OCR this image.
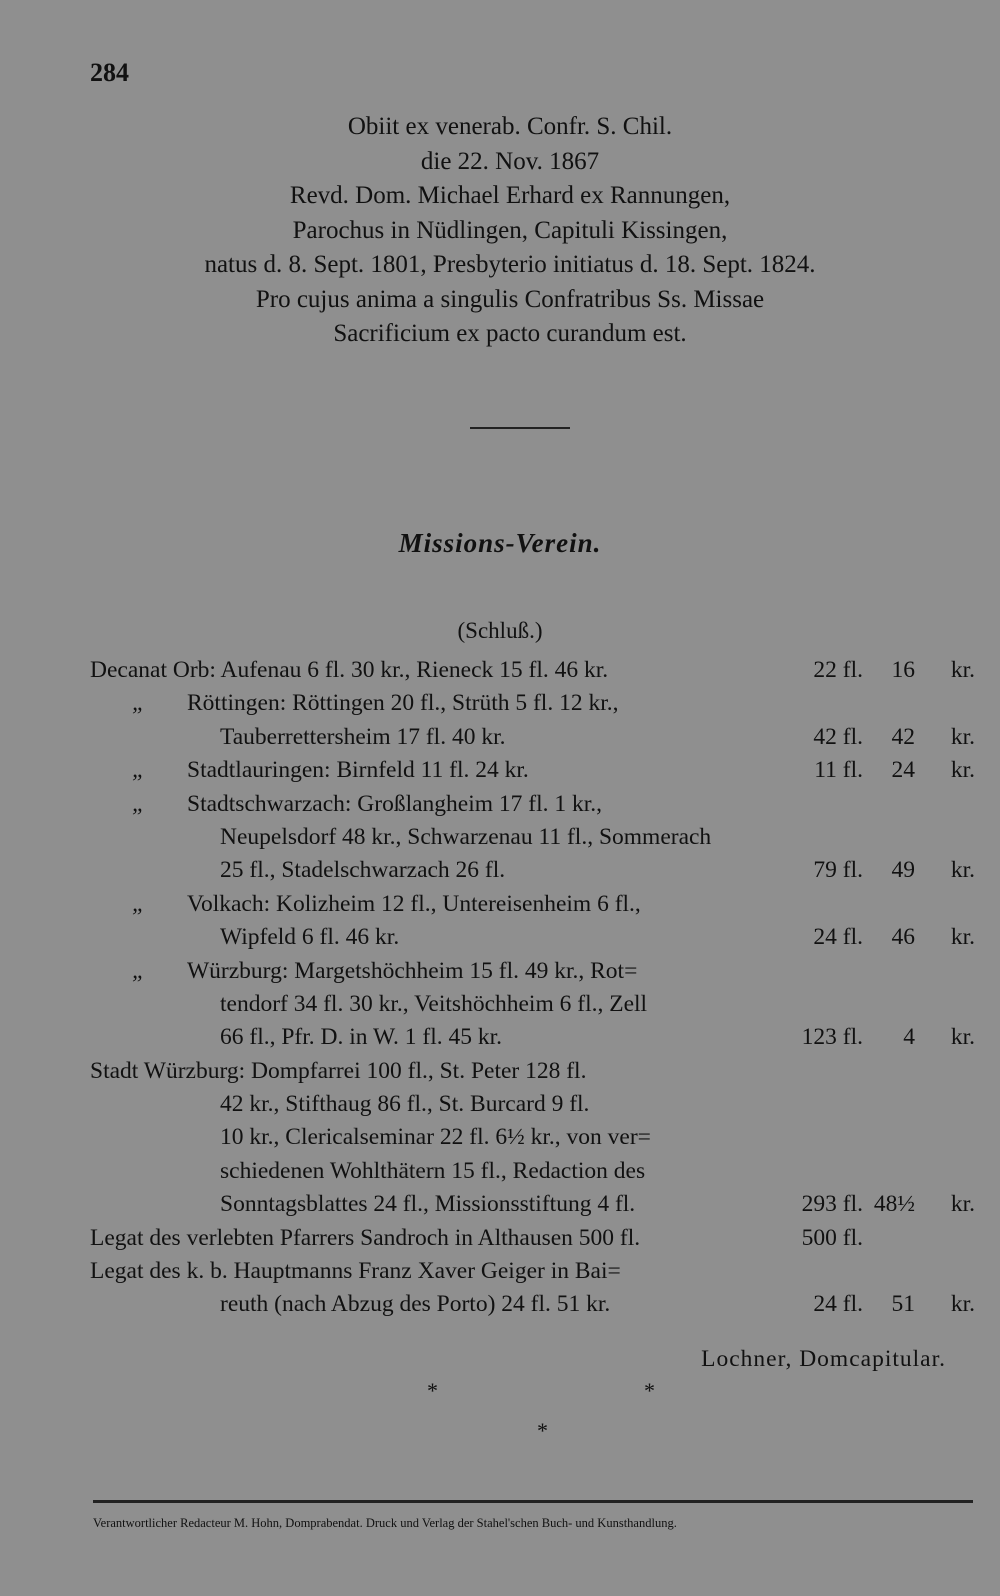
284
Obiit ex venerab. Confr. S. Chil.
die 22. Nov. 1867
Revd. Dom. Michael Erhard ex Rannungen,
Parochus in Nüdlingen, Capituli Kissingen,
natus d. 8. Sept. 1801, Presbyterio initiatus d. 18. Sept. 1824.
Pro cujus anima a singulis Confratribus Ss. Missae
Sacrificium ex pacto curandum est.
Missions-Verein.
(Schluß.)
Decanat Orb: Aufenau 6 fl. 30 kr., Rieneck 15 fl. 46 kr.	22 fl.	16 kr.
„ Röttingen: Röttingen 20 fl., Strüth 5 fl. 12 kr.,
Tauberrettersheim 17 fl. 40 kr.	42 fl.	42 kr.
„ Stadtlauringen: Birnfeld 11 fl. 24 kr.	11 fl.	24 kr.
„ Stadtschwarzach: Großlangheim 17 fl. 1 kr.,
Neupelsdorf 48 kr., Schwarzenau 11 fl., Sommerach
25 fl., Stadelschwarzach 26 fl.	79 fl.	49 kr.
„ Volkach: Kolizheim 12 fl., Untereisenheim 6 fl.,
Wipfeld 6 fl. 46 kr.	24 fl.	46 kr.
„ Würzburg: Margetshöchheim 15 fl. 49 kr., Rot=
tendorf 34 fl. 30 kr., Veitshöchheim 6 fl., Zell
66 fl., Pfr. D. in W. 1 fl. 45 kr.	123 fl.	4 kr.
Stadt Würzburg: Dompfarrei 100 fl., St. Peter 128 fl.
42 kr., Stifthaug 86 fl., St. Burcard 9 fl.
10 kr., Clericalseminar 22 fl. 6½ kr., von ver=
schiedenen Wohlthätern 15 fl., Redaction des
Sonntagsblattes 24 fl., Missionsstiftung 4 fl.	293 fl. 48½ kr.
Legat des verlebten Pfarrers Sandroch in Althausen 500 fl.	500 fl.
Legat des k. b. Hauptmanns Franz Xaver Geiger in Bai=
reuth (nach Abzug des Porto) 24 fl. 51 kr.	24 fl.	51 kr.
Lochner, Domcapitular.
*	*
*
Verantwortlicher Redacteur M. Hohn, Domprabendat. Druck und Verlag der Stahel'schen Buch- und Kunsthandlung.
